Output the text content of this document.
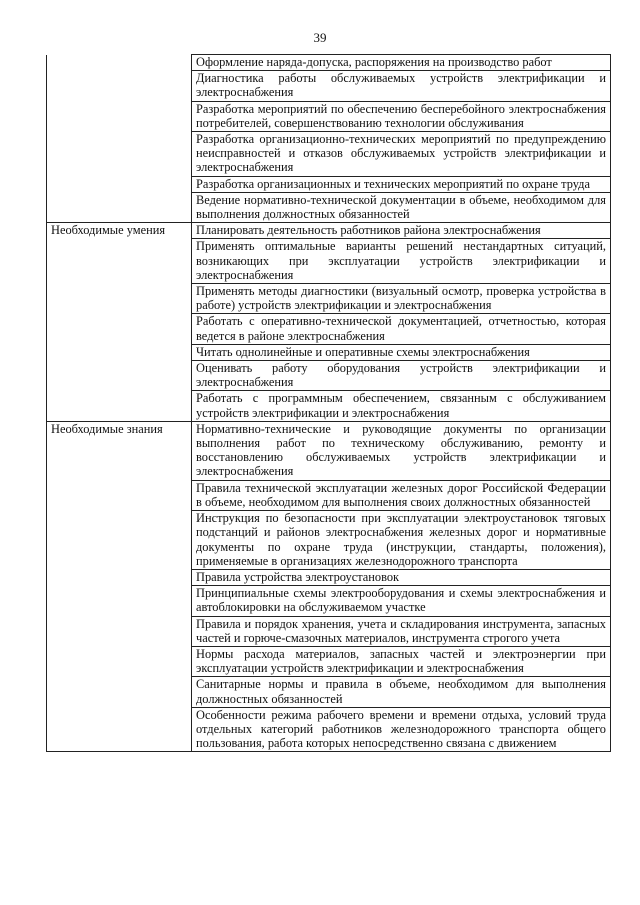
39
	Оформление наряда-допуска, распоряжения на производство работ
	Диагностика работы обслуживаемых устройств электрификации и электроснабжения
	Разработка мероприятий по обеспечению бесперебойного электроснабжения потребителей, совершенствованию технологии обслуживания
	Разработка организационно-технических мероприятий по предупреждению неисправностей и отказов обслуживаемых устройств электрификации и электроснабжения
	Разработка организационных и технических мероприятий по охране труда
	Ведение нормативно-технической документации в объеме, необходимом для выполнения должностных обязанностей
Необходимые умения	Планировать деятельность работников района электроснабжения
	Применять оптимальные варианты решений нестандартных ситуаций, возникающих при эксплуатации устройств электрификации и электроснабжения
	Применять методы диагностики (визуальный осмотр, проверка устройства в работе) устройств электрификации и электроснабжения
	Работать с оперативно-технической документацией, отчетностью, которая ведется в районе электроснабжения
	Читать однолинейные и оперативные схемы электроснабжения
	Оценивать работу оборудования устройств электрификации и электроснабжения
	Работать с программным обеспечением, связанным с обслуживанием устройств электрификации и электроснабжения
Необходимые знания	Нормативно-технические и руководящие документы по организации выполнения работ по техническому обслуживанию, ремонту и восстановлению обслуживаемых устройств электрификации и электроснабжения
	Правила технической эксплуатации железных дорог Российской Федерации в объеме, необходимом для выполнения своих должностных обязанностей
	Инструкция по безопасности при эксплуатации электроустановок тяговых подстанций и районов электроснабжения железных дорог и нормативные документы по охране труда (инструкции, стандарты, положения), применяемые в организациях железнодорожного транспорта
	Правила устройства электроустановок
	Принципиальные схемы электрооборудования и схемы электроснабжения и автоблокировки на обслуживаемом участке
	Правила и порядок хранения, учета и складирования инструмента, запасных частей и горюче-смазочных материалов, инструмента строгого учета
	Нормы расхода материалов, запасных частей и электроэнергии при эксплуатации устройств электрификации и электроснабжения
	Санитарные нормы и правила в объеме, необходимом для выполнения должностных обязанностей
	Особенности режима рабочего времени и времени отдыха, условий труда отдельных категорий работников железнодорожного транспорта общего пользования, работа которых непосредственно связана с движением
